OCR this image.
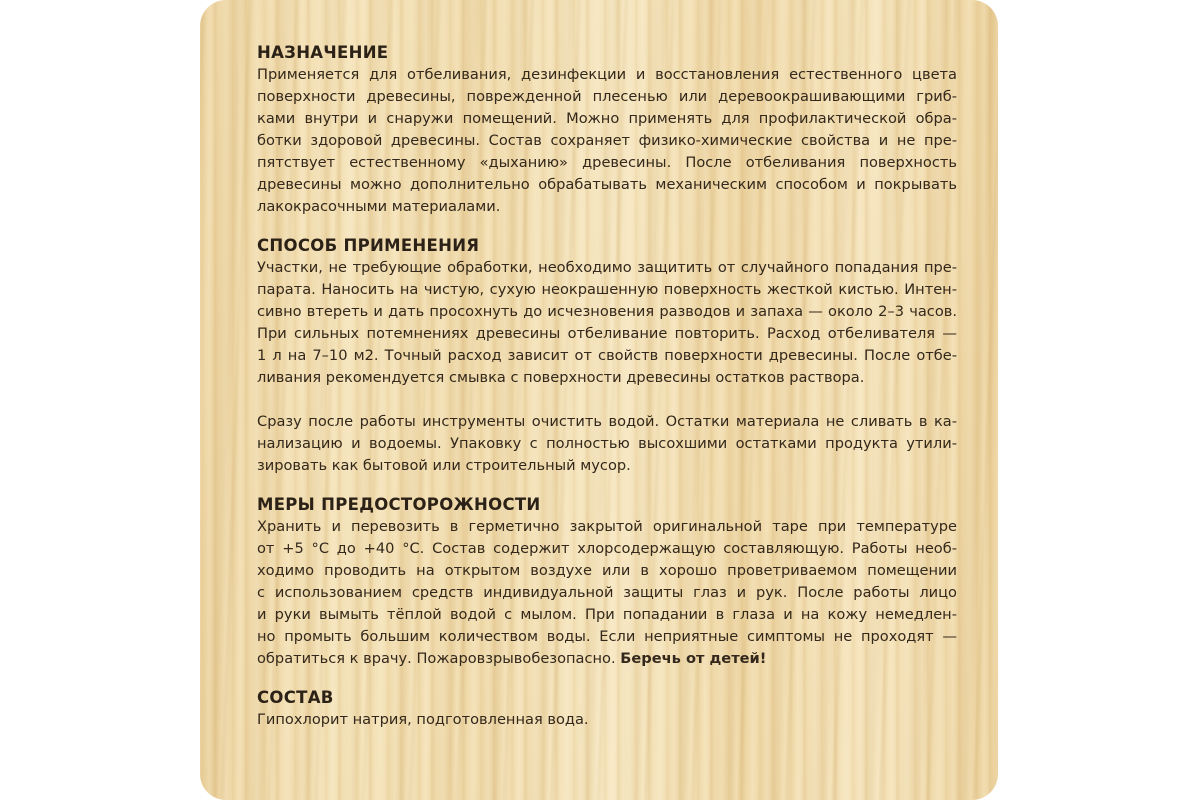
НАЗНАЧЕНИЕ

Применяется для отбеливания, дезинфекции и восстановления естественного цвета
поверхности древесины, поврежденной плесенью или деревоокрашивающими гриб-
ками внутри и снаружи помещений. Можно применять для профилактической обра-
ботки здоровой древесины. Состав сохраняет физико-химические свойства и не пре-
пятствует естественному «дыханию» древесины. После отбеливания поверхность
древесины можно дополнительно обрабатывать механическим способом и покрывать
лакокрасочными материалами.

СПОСОБ ПРИМЕНЕНИЯ

Участки, не требующие обработки, необходимо защитить от случайного попадания пре-
парата. Наносить на чистую, сухую неокрашенную поверхность жесткой кистью. Интен-
сивно втереть и дать просохнуть до исчезновения разводов и запаха — около 2–3 часов.
При сильных потемнениях древесины отбеливание повторить. Расход отбеливателя —
1 л на 7–10 м2. Точный расход зависит от свойств поверхности древесины. После отбе-
ливания рекомендуется смывка с поверхности древесины остатков раствора.

Сразу после работы инструменты очистить водой. Остатки материала не сливать в ка-
нализацию и водоемы. Упаковку с полностью высохшими остатками продукта утили-
зировать как бытовой или строительный мусор.

МЕРЫ ПРЕДОСТОРОЖНОСТИ

Хранить и перевозить в герметично закрытой оригинальной таре при температуре
от +5 °С до +40 °С. Состав содержит хлорсодержащую составляющую. Работы необ-
ходимо проводить на открытом воздухе или в хорошо проветриваемом помещении
с использованием средств индивидуальной защиты глаз и рук. После работы лицо
и руки вымыть тёплой водой с мылом. При попадании в глаза и на кожу немедлен-
но промыть большим количеством воды. Если неприятные симптомы не проходят —
обратиться к врачу. Пожаровзрывобезопасно. Беречь от детей!

СОСТАВ

Гипохлорит натрия, подготовленная вода.
